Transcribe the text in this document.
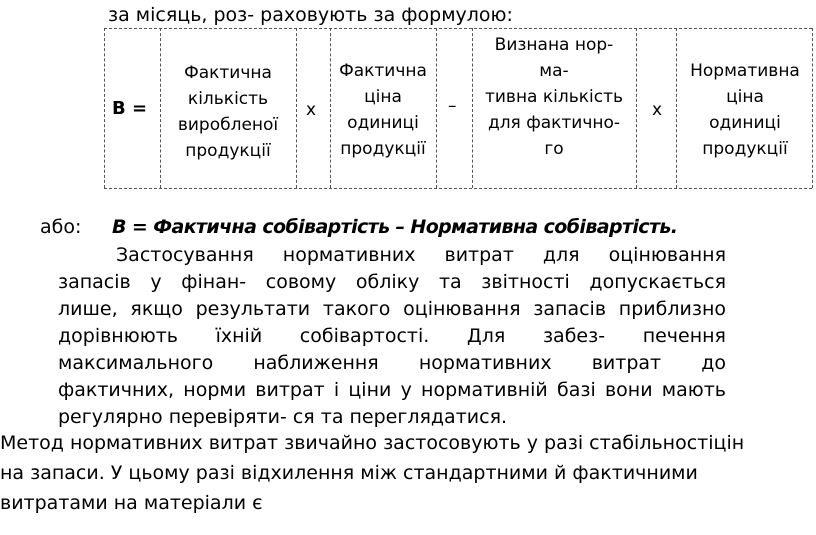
за місяць, роз- раховують за формулою:
B =
Фактична
кількість
виробленої
продукції
x
Фактична
ціна
одиниці
продукції
–
Визнана нор-
ма-
тивна кількість
для фактично-
го
x
Нормативна
ціна
одиниці
продукції
або: B = Фактична собівартість – Нормативна собівартість.
Застосування нормативних витрат для оцінювання
запасів у фінан- совому обліку та звітності допускається
лише, якщо результати такого оцінювання запасів приблизно
дорівнюють їхній собівартості. Для забез- печення
максимального наближення нормативних витрат до
фактичних, норми витрат і ціни у нормативній базі вони мають
регулярно перевіряти- ся та переглядатися.
Метод нормативних витрат звичайно застосовують у разі стабільностіцін
на запаси. У цьому разі відхилення між стандартними й фактичними
витратами на матеріали є
